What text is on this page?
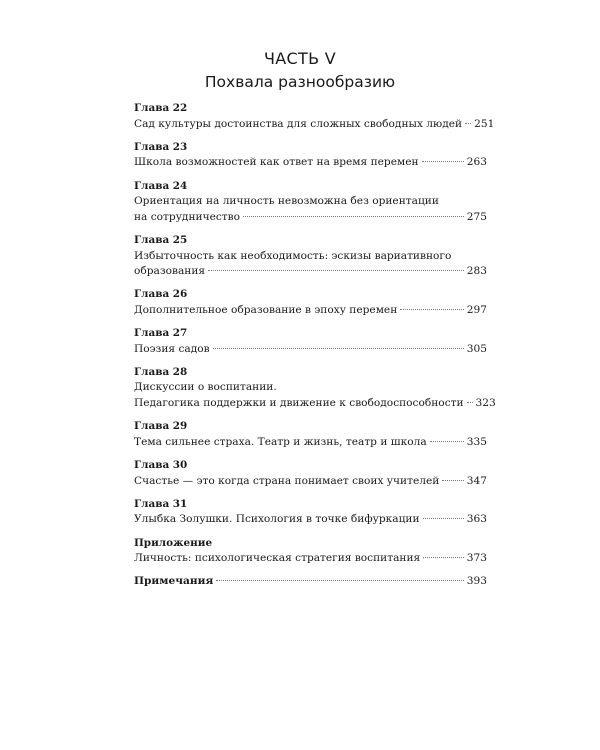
ЧАСТЬ V
Похвала разнообразию
Глава 22
Сад культуры достоинства для сложных свободных людей 251
Глава 23
Школа возможностей как ответ на время перемен	263
Глава 24
Ориентация на личность невозможна без ориентации
на сотрудничество	275
Глава 25
Избыточность как необходимость: эскизы вариативного
образования	283
Глава 26
Дополнительное образование в эпоху перемен	297
Глава 27
Поэзия садов	305
Глава 28
Дискуссии о воспитании.
Педагогика поддержки и движение к свободоспособности 323
Глава 29
Тема сильнее страха. Театр и жизнь, театр и школа	335
Глава 30
Счастье — это когда страна понимает своих учителей	347
Глава 31
Улыбка Золушки. Психология в точке бифуркации	363
Приложение
Личность: психологическая стратегия воспитания	373
Примечания	393
